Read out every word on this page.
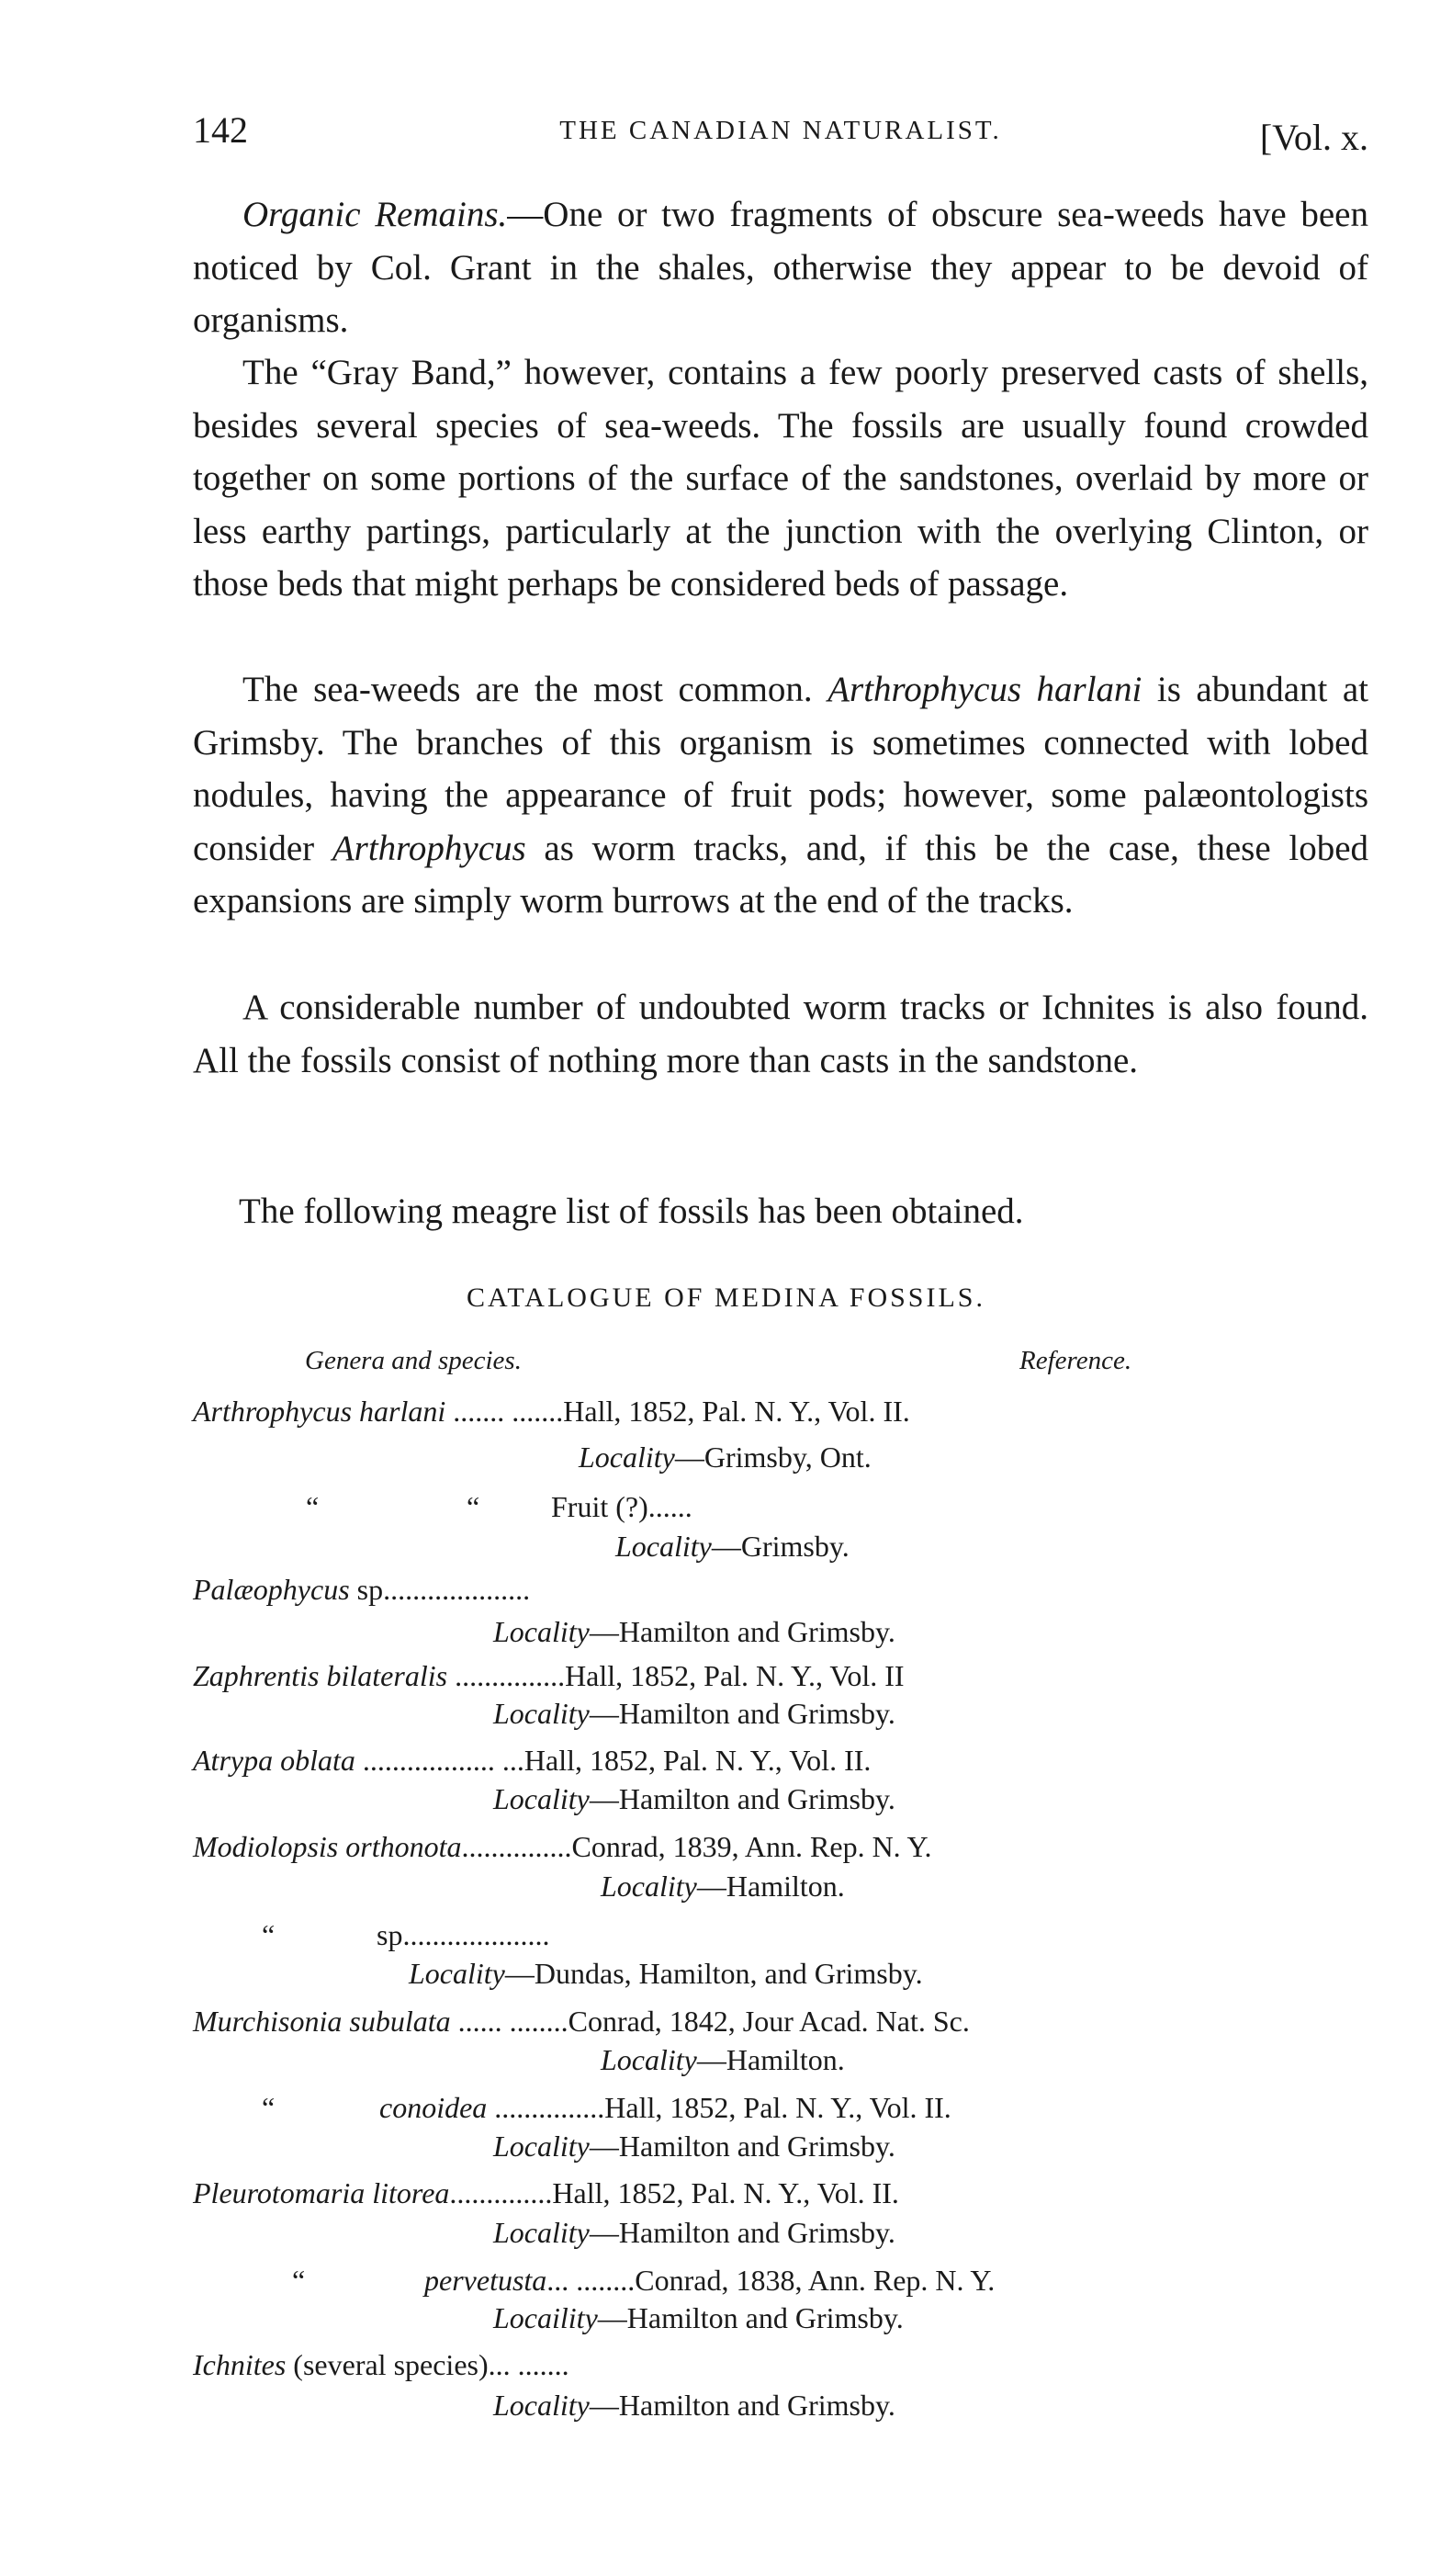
142	THE CANADIAN NATURALIST.	[Vol. x.

Organic Remains.—One or two fragments of obscure sea-weeds have been noticed by Col. Grant in the shales, otherwise they appear to be devoid of organisms.

The “Gray Band,” however, contains a few poorly preserved casts of shells, besides several species of sea-weeds. The fossils are usually found crowded together on some portions of the surface of the sandstones, overlaid by more or less earthy partings, particularly at the junction with the overlying Clinton, or those beds that might perhaps be considered beds of passage.

The sea-weeds are the most common. Arthrophycus harlani is abundant at Grimsby. The branches of this organism is sometimes connected with lobed nodules, having the appearance of fruit pods; however, some palæontologists consider Arthrophycus as worm tracks, and, if this be the case, these lobed expansions are simply worm burrows at the end of the tracks.

A considerable number of undoubted worm tracks or Ichnites is also found. All the fossils consist of nothing more than casts in the sandstone.

The following meagre list of fossils has been obtained.

CATALOGUE OF MEDINA FOSSILS.
Genera and species.	Reference.
Arthrophycus harlani ....... .......Hall, 1852, Pal. N. Y., Vol. II.
Locality—Grimsby, Ont.
“	“ Fruit (?)......
Locality—Grimsby.
Palæophycus sp....................
Locality—Hamilton and Grimsby.
Zaphrentis bilateralis ...............Hall, 1852, Pal. N. Y., Vol. II
Locality—Hamilton and Grimsby.
Atrypa oblata .................. ...Hall, 1852, Pal. N. Y., Vol. II.
Locality—Hamilton and Grimsby.
Modiolopsis orthonota...............Conrad, 1839, Ann. Rep. N. Y.
Locality—Hamilton.
“	sp....................
Locality—Dundas, Hamilton, and Grimsby.
Murchisonia subulata ...... ........Conrad, 1842, Jour Acad. Nat. Sc.
Locality—Hamilton.
“	conoidea ...............Hall, 1852, Pal. N. Y., Vol. II.
Locality—Hamilton and Grimsby.
Pleurotomaria litorea..............Hall, 1852, Pal. N. Y., Vol. II.
Locality—Hamilton and Grimsby.
“	pervetusta... ........Conrad, 1838, Ann. Rep. N. Y.
Locaility—Hamilton and Grimsby.
Ichnites (several species)... .......
Locality—Hamilton and Grimsby.
